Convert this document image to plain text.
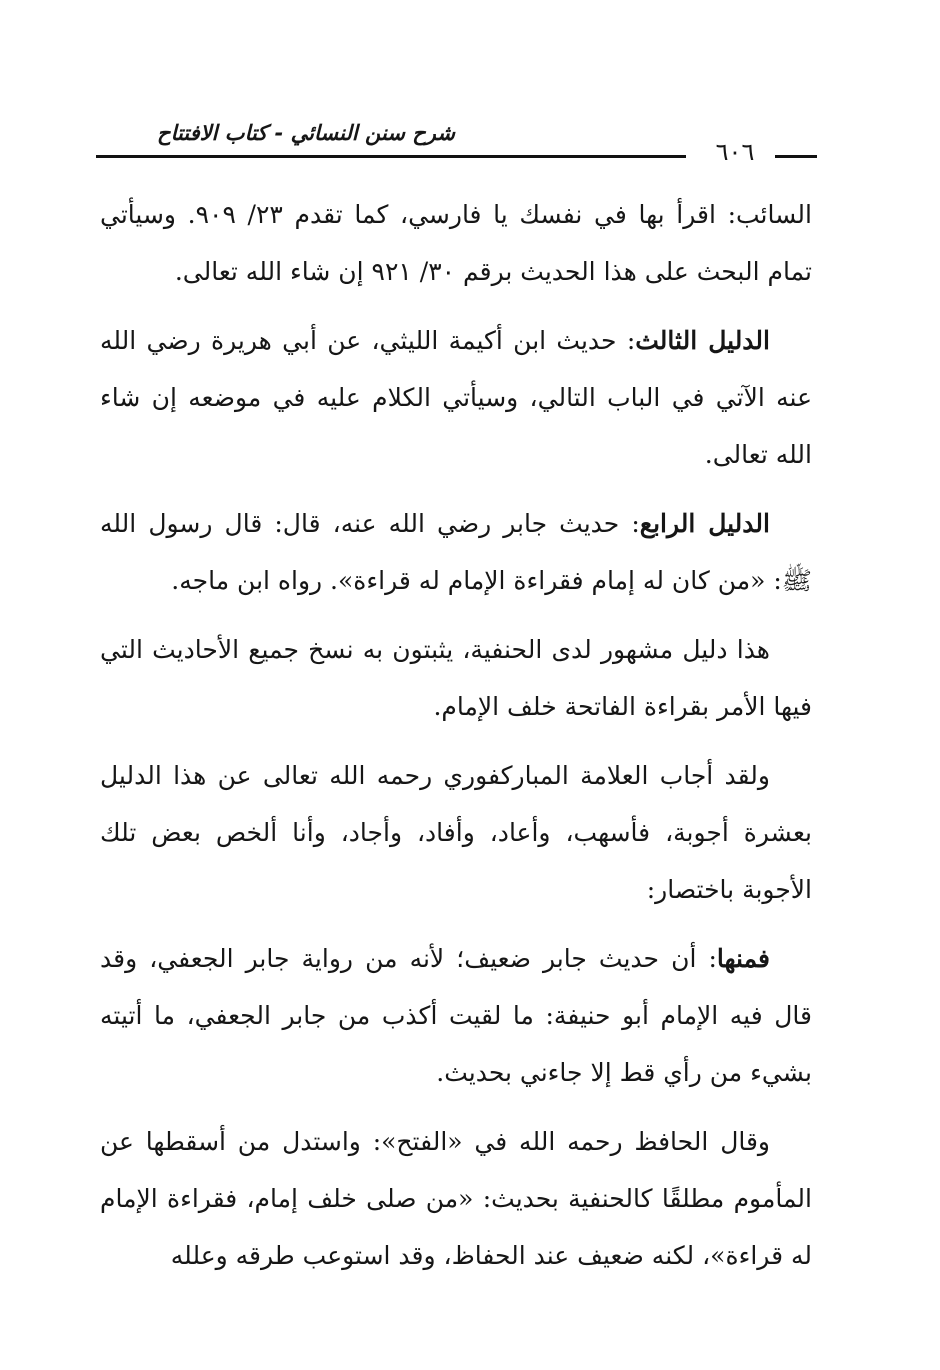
شرح سنن النسائي - كتاب الافتتاح
٦٠٦

السائب: اقرأ بها في نفسك يا فارسي، كما تقدم ٢٣/ ٩٠٩. وسيأتي تمام البحث على هذا الحديث برقم ٣٠/ ٩٢١ إن شاء الله تعالى.

الدليل الثالث: حديث ابن أكيمة الليثي، عن أبي هريرة رضي الله عنه الآتي في الباب التالي، وسيأتي الكلام عليه في موضعه إن شاء الله تعالى.

الدليل الرابع: حديث جابر رضي الله عنه، قال: قال رسول الله ﷺ: «من كان له إمام فقراءة الإمام له قراءة». رواه ابن ماجه.

هذا دليل مشهور لدى الحنفية، يثبتون به نسخ جميع الأحاديث التي فيها الأمر بقراءة الفاتحة خلف الإمام.

ولقد أجاب العلامة المباركفوري رحمه الله تعالى عن هذا الدليل بعشرة أجوبة، فأسهب، وأعاد، وأفاد، وأجاد، وأنا ألخص بعض تلك الأجوبة باختصار:

فمنها: أن حديث جابر ضعيف؛ لأنه من رواية جابر الجعفي، وقد قال فيه الإمام أبو حنيفة: ما لقيت أكذب من جابر الجعفي، ما أتيته بشيء من رأي قط إلا جاءني بحديث.

وقال الحافظ رحمه الله في «الفتح»: واستدل من أسقطها عن المأموم مطلقًا كالحنفية بحديث: «من صلى خلف إمام، فقراءة الإمام له قراءة»، لكنه ضعيف عند الحفاظ، وقد استوعب طرقه وعلله
